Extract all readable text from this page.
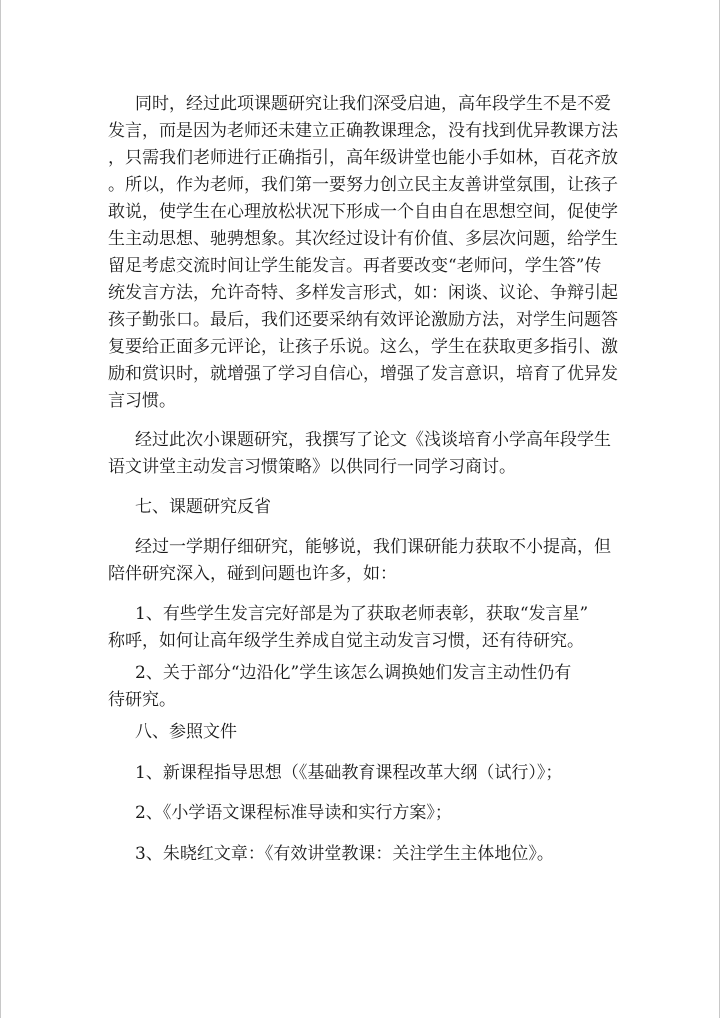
同时，经过此项课题研究让我们深受启迪，高年段学生不是不爱
发言，而是因为老师还未建立正确教课理念，没有找到优异教课方法
，只需我们老师进行正确指引，高年级讲堂也能小手如林，百花齐放
。所以，作为老师，我们第一要努力创立民主友善讲堂氛围，让孩子
敢说，使学生在心理放松状况下形成一个自由自在思想空间，促使学
生主动思想、驰骋想象。其次经过设计有价值、多层次问题，给学生
留足考虑交流时间让学生能发言。再者要改变“老师问，学生答”传
统发言方法，允许奇特、多样发言形式，如：闲谈、议论、争辩引起
孩子勤张口。最后，我们还要采纳有效评论激励方法，对学生问题答
复要给正面多元评论，让孩子乐说。这么，学生在获取更多指引、激
励和赏识时，就增强了学习自信心，增强了发言意识，培育了优异发
言习惯。
经过此次小课题研究，我撰写了论文《浅谈培育小学高年段学生
语文讲堂主动发言习惯策略》以供同行一同学习商讨。
七、课题研究反省
经过一学期仔细研究，能够说，我们课研能力获取不小提高，但
陪伴研究深入，碰到问题也许多，如：
1、有些学生发言完好部是为了获取老师表彰，获取“发言星”
称呼，如何让高年级学生养成自觉主动发言习惯，还有待研究。
2、关于部分“边沿化”学生该怎么调换她们发言主动性仍有
待研究。
八、参照文件
1、新课程指导思想（《基础教育课程改革大纲（试行）》；
2、《小学语文课程标准导读和实行方案》；
3、朱晓红文章：《有效讲堂教课：关注学生主体地位》。
